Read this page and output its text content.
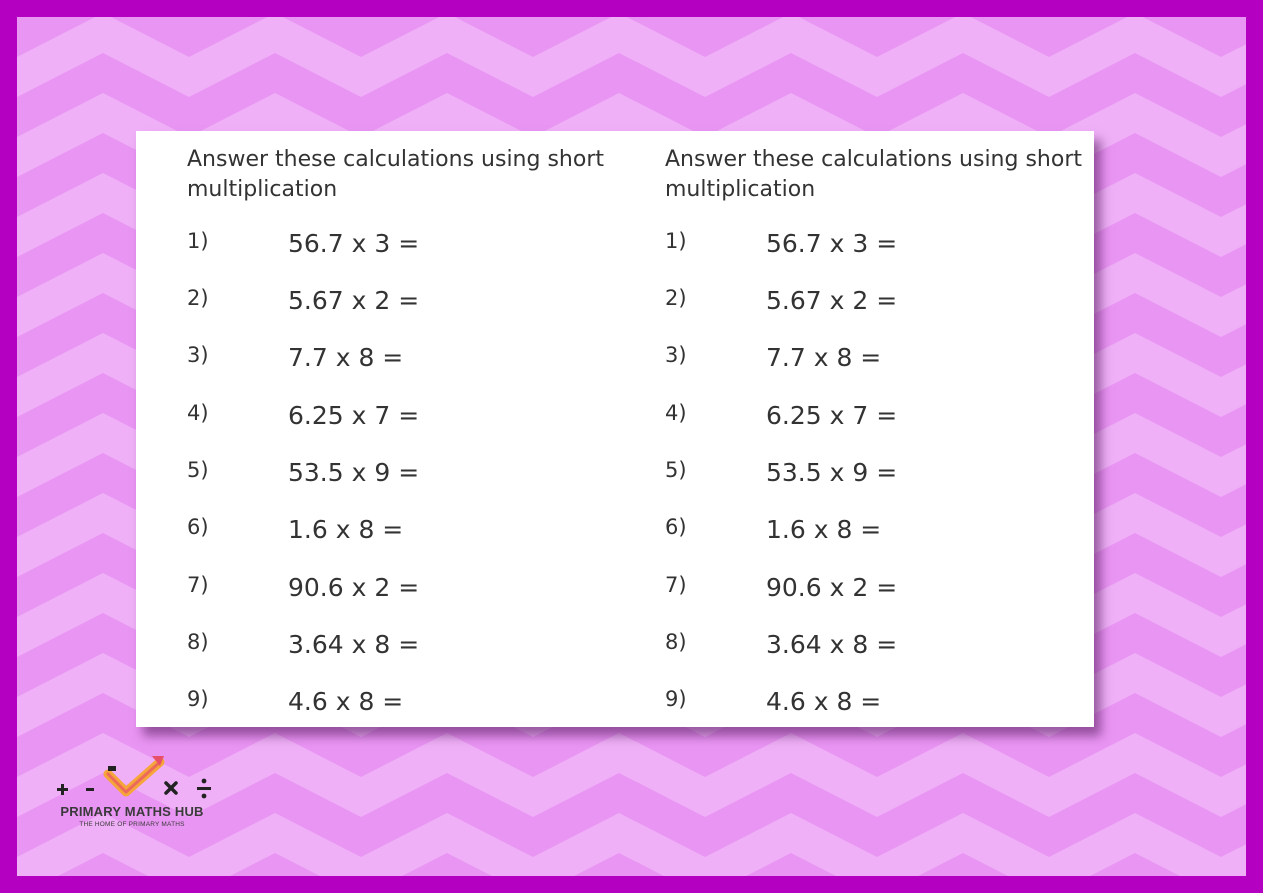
Answer these calculations using short multiplication
1)	56.7 x 3 =
2)	5.67 x 2 =
3)	7.7 x 8 =
4)	6.25 x 7 =
5)	53.5 x 9 =
6)	1.6 x 8 =
7)	90.6 x 2 =
8)	3.64 x 8 =
9)	4.6 x 8 =
Answer these calculations using short multiplication
1)	56.7 x 3 =
2)	5.67 x 2 =
3)	7.7 x 8 =
4)	6.25 x 7 =
5)	53.5 x 9 =
6)	1.6 x 8 =
7)	90.6 x 2 =
8)	3.64 x 8 =
9)	4.6 x 8 =
PRIMARY MATHS HUB
THE HOME OF PRIMARY MATHS
